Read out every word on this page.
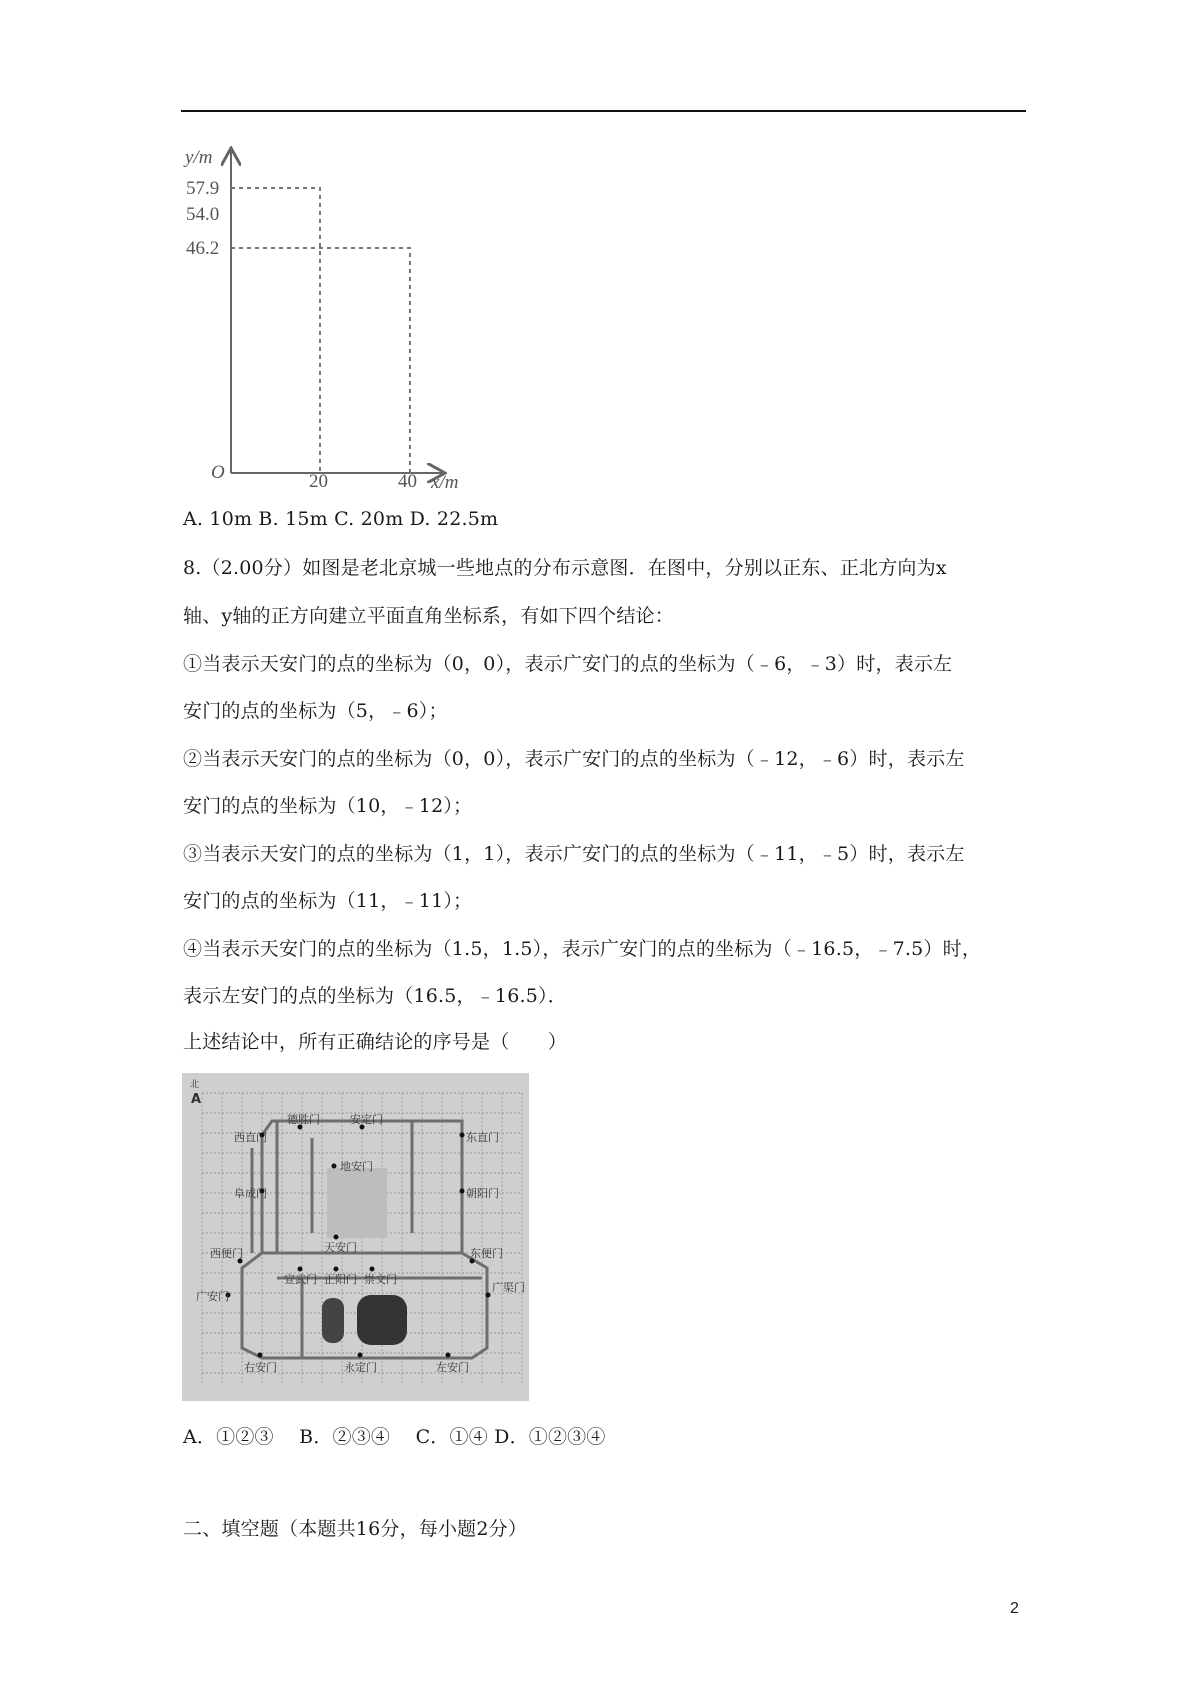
y/m
57.9
54.0
46.2
O	20	40 x/m
A. 10m B. 15m C. 20m D. 22.5m
8.（2.00分）如图是老北京城一些地点的分布示意图．在图中，分别以正东、正北方向为x
轴、y轴的正方向建立平面直角坐标系，有如下四个结论：
①当表示天安门的点的坐标为（0，0），表示广安门的点的坐标为（﹣6，﹣3）时，表示左
安门的点的坐标为（5，﹣6）；
②当表示天安门的点的坐标为（0，0），表示广安门的点的坐标为（﹣12，﹣6）时，表示左
安门的点的坐标为（10，﹣12）；
③当表示天安门的点的坐标为（1，1），表示广安门的点的坐标为（﹣11，﹣5）时，表示左
安门的点的坐标为（11，﹣11）；
④当表示天安门的点的坐标为（1.5，1.5），表示广安门的点的坐标为（﹣16.5，﹣7.5）时，
表示左安门的点的坐标为（16.5，﹣16.5）．
上述结论中，所有正确结论的序号是（　　）
北
A
德胜门	安定门
西直门	东直门
地安门
阜成门	朝阳门
西便门	天安门	东便门
宣武门 正阳门 崇文门
广安门
广渠门
右安门	永定门	左安门
A．①②③　 B．②③④　 C．①④ D．①②③④
二、填空题（本题共16分，每小题2分）
2
